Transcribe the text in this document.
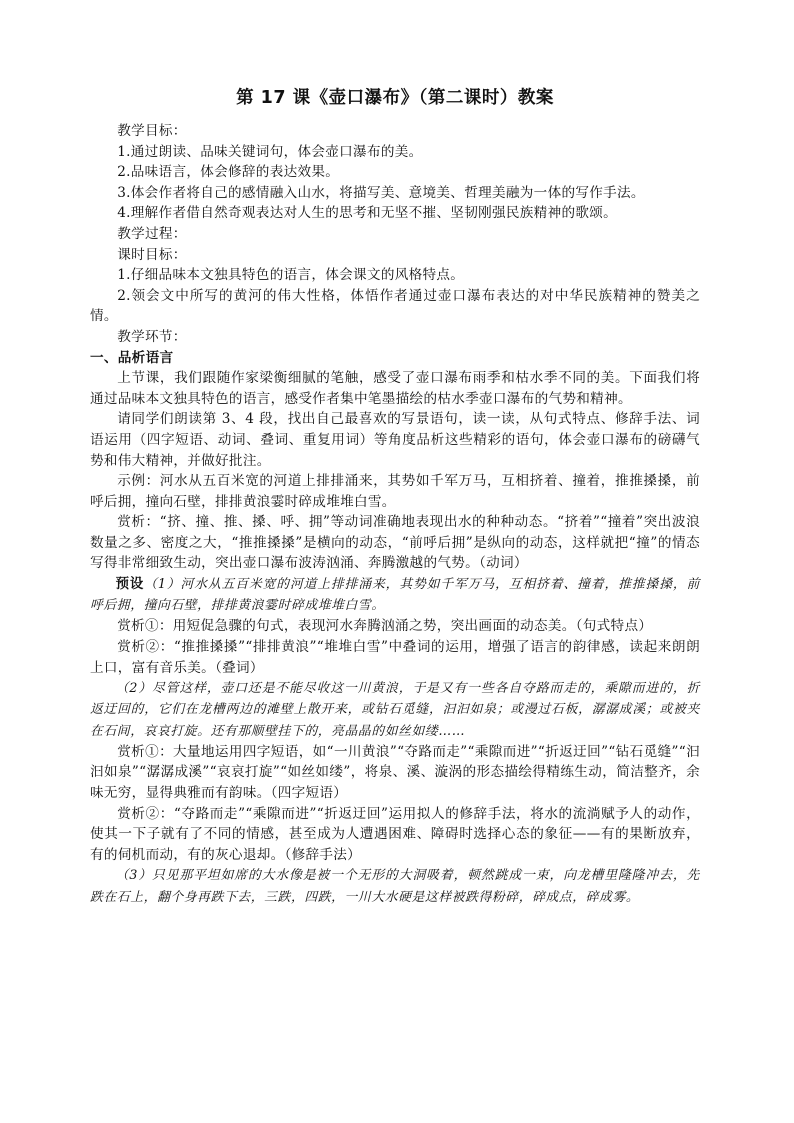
第 17 课《壶口瀑布》（第二课时）教案

教学目标：

1.通过朗读、品味关键词句，体会壶口瀑布的美。

2.品味语言，体会修辞的表达效果。

3.体会作者将自己的感情融入山水，将描写美、意境美、哲理美融为一体的写作手法。

4.理解作者借自然奇观表达对人生的思考和无坚不摧、坚韧刚强民族精神的歌颂。

教学过程：

课时目标：

1.仔细品味本文独具特色的语言，体会课文的风格特点。

2.领会文中所写的黄河的伟大性格，体悟作者通过壶口瀑布表达的对中华民族精神的赞美之情。

教学环节：

一、品析语言

上节课，我们跟随作家梁衡细腻的笔触，感受了壶口瀑布雨季和枯水季不同的美。下面我们将通过品味本文独具特色的语言，感受作者集中笔墨描绘的枯水季壶口瀑布的气势和精神。

请同学们朗读第 3、4 段，找出自己最喜欢的写景语句，读一读，从句式特点、修辞手法、词语运用（四字短语、动词、叠词、重复用词）等角度品析这些精彩的语句，体会壶口瀑布的磅礴气势和伟大精神，并做好批注。

示例：河水从五百米宽的河道上排排涌来，其势如千军万马，互相挤着、撞着，推推搡搡，前呼后拥，撞向石壁，排排黄浪霎时碎成堆堆白雪。

赏析：“挤、撞、推、搡、呼、拥”等动词准确地表现出水的种种动态。“挤着”“撞着”突出波浪数量之多、密度之大，“推推搡搡”是横向的动态，“前呼后拥”是纵向的动态，这样就把“撞”的情态写得非常细致生动，突出壶口瀑布波涛汹涌、奔腾激越的气势。（动词）

预设（1）河水从五百米宽的河道上排排涌来，其势如千军万马，互相挤着、撞着，推推搡搡，前呼后拥，撞向石壁，排排黄浪霎时碎成堆堆白雪。

赏析①：用短促急骤的句式，表现河水奔腾汹涌之势，突出画面的动态美。（句式特点）

赏析②：“推推搡搡”“排排黄浪”“堆堆白雪”中叠词的运用，增强了语言的韵律感，读起来朗朗上口，富有音乐美。（叠词）

（2）尽管这样，壶口还是不能尽收这一川黄浪，于是又有一些各自夺路而走的，乘隙而进的，折返迂回的，它们在龙槽两边的滩壁上散开来，或钻石觅缝，汩汩如泉；或漫过石板，潺潺成溪；或被夹在石间，哀哀打旋。还有那顺壁挂下的，亮晶晶的如丝如缕……

赏析①：大量地运用四字短语，如“一川黄浪”“夺路而走”“乘隙而进”“折返迂回”“钻石觅缝”“汩汩如泉”“潺潺成溪”“哀哀打旋”“如丝如缕”，将泉、溪、漩涡的形态描绘得精练生动，简洁整齐，余味无穷，显得典雅而有韵味。（四字短语）

赏析②：“夺路而走”“乘隙而进”“折返迂回”运用拟人的修辞手法，将水的流淌赋予人的动作，使其一下子就有了不同的情感，甚至成为人遭遇困难、障碍时选择心态的象征——有的果断放弃，有的伺机而动，有的灰心退却。（修辞手法）

（3）只见那平坦如席的大水像是被一个无形的大洞吸着，顿然跳成一束，向龙槽里隆隆冲去，先跌在石上，翻个身再跌下去，三跌，四跌，一川大水硬是这样被跌得粉碎，碎成点，碎成雾。
